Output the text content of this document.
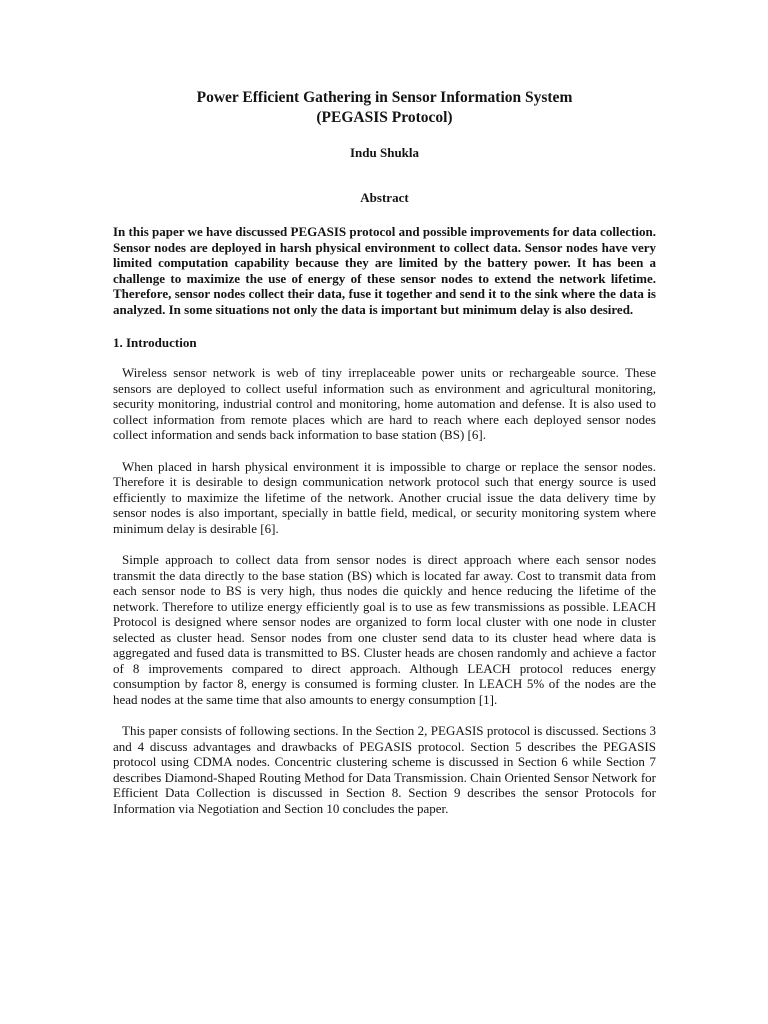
Power Efficient Gathering in Sensor Information System

(PEGASIS Protocol)

Indu Shukla

Abstract

In this paper we have discussed PEGASIS protocol and possible improvements for data collection. Sensor nodes are deployed in harsh physical environment to collect data. Sensor nodes have very limited computation capability because they are limited by the battery power. It has been a challenge to maximize the use of energy of these sensor nodes to extend the network lifetime. Therefore, sensor nodes collect their data, fuse it together and send it to the sink where the data is analyzed. In some situations not only the data is important but minimum delay is also desired.

1. Introduction

Wireless sensor network is web of tiny irreplaceable power units or rechargeable source. These sensors are deployed to collect useful information such as environment and agricultural monitoring, security monitoring, industrial control and monitoring, home automation and defense. It is also used to collect information from remote places which are hard to reach where each deployed sensor nodes collect information and sends back information to base station (BS) [6].

When placed in harsh physical environment it is impossible to charge or replace the sensor nodes. Therefore it is desirable to design communication network protocol such that energy source is used efficiently to maximize the lifetime of the network. Another crucial issue the data delivery time by sensor nodes is also important, specially in battle field, medical, or security monitoring system where minimum delay is desirable [6].

Simple approach to collect data from sensor nodes is direct approach where each sensor nodes transmit the data directly to the base station (BS) which is located far away. Cost to transmit data from each sensor node to BS is very high, thus nodes die quickly and hence reducing the lifetime of the network. Therefore to utilize energy efficiently goal is to use as few transmissions as possible. LEACH Protocol is designed where sensor nodes are organized to form local cluster with one node in cluster selected as cluster head. Sensor nodes from one cluster send data to its cluster head where data is aggregated and fused data is transmitted to BS. Cluster heads are chosen randomly and achieve a factor of 8 improvements compared to direct approach. Although LEACH protocol reduces energy consumption by factor 8, energy is consumed is forming cluster. In LEACH 5% of the nodes are the head nodes at the same time that also amounts to energy consumption [1].

This paper consists of following sections. In the Section 2, PEGASIS protocol is discussed. Sections 3 and 4 discuss advantages and drawbacks of PEGASIS protocol. Section 5 describes the PEGASIS protocol using CDMA nodes. Concentric clustering scheme is discussed in Section 6 while Section 7 describes Diamond-Shaped Routing Method for Data Transmission. Chain Oriented Sensor Network for Efficient Data Collection is discussed in Section 8. Section 9 describes the sensor Protocols for Information via Negotiation and Section 10 concludes the paper.
